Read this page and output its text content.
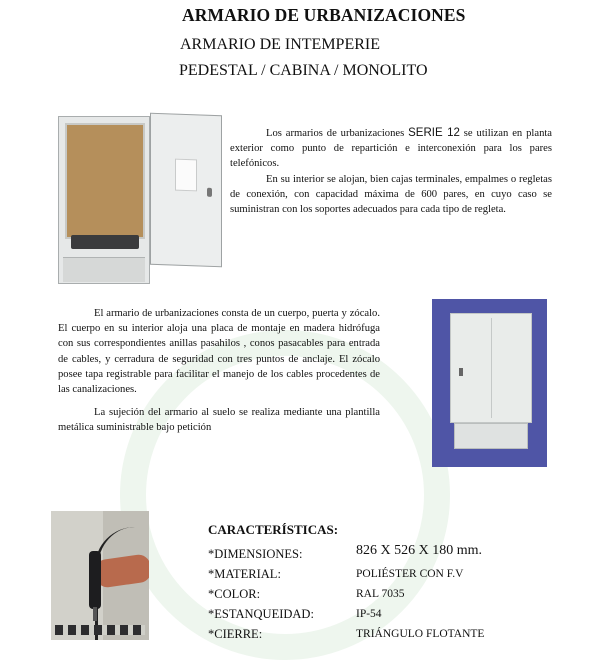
ARMARIO DE URBANIZACIONES
ARMARIO DE INTEMPERIE
PEDESTAL / CABINA / MONOLITO

Los armarios de urbanizaciones SERIE 12 se utilizan en planta exterior como punto de repartición e interconexión para los pares telefónicos.

En su interior se alojan, bien cajas terminales, empalmes o regletas de conexión, con capacidad máxima de 600 pares, en cuyo caso se suministran con los soportes adecuados para cada tipo de regleta.

El armario de urbanizaciones consta de un cuerpo, puerta y zócalo. El cuerpo en su interior aloja una placa de montaje en madera hidrófuga con sus correspondientes anillas pasahilos , conos pasacables para entrada de cables, y cerradura de seguridad con tres puntos de anclaje. El zócalo posee tapa registrable para facilitar el manejo de los cables procedentes de las canalizaciones.

La sujeción del armario al suelo se realiza mediante una plantilla metálica suministrable bajo petición

CARACTERÍSTICAS:
*DIMENSIONES:	826 X 526 X 180 mm.
*MATERIAL:	POLIÉSTER CON F.V
*COLOR:	RAL 7035
*ESTANQUEIDAD:	IP-54
*CIERRE:	TRIÁNGULO FLOTANTE
